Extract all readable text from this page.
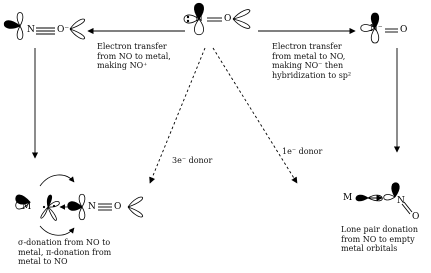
N O⁻
N O
N⁻ O
M	N O
M	N
O
Electron transfer
from NO to metal,
making NO⁺
Electron transfer
from metal to NO,
making NO⁻ then
hybridization to sp²
3e⁻ donor
1e⁻ donor
σ-donation from NO to
metal, π-donation from
metal to NO
Lone pair donation
from NO to empty
metal orbitals
